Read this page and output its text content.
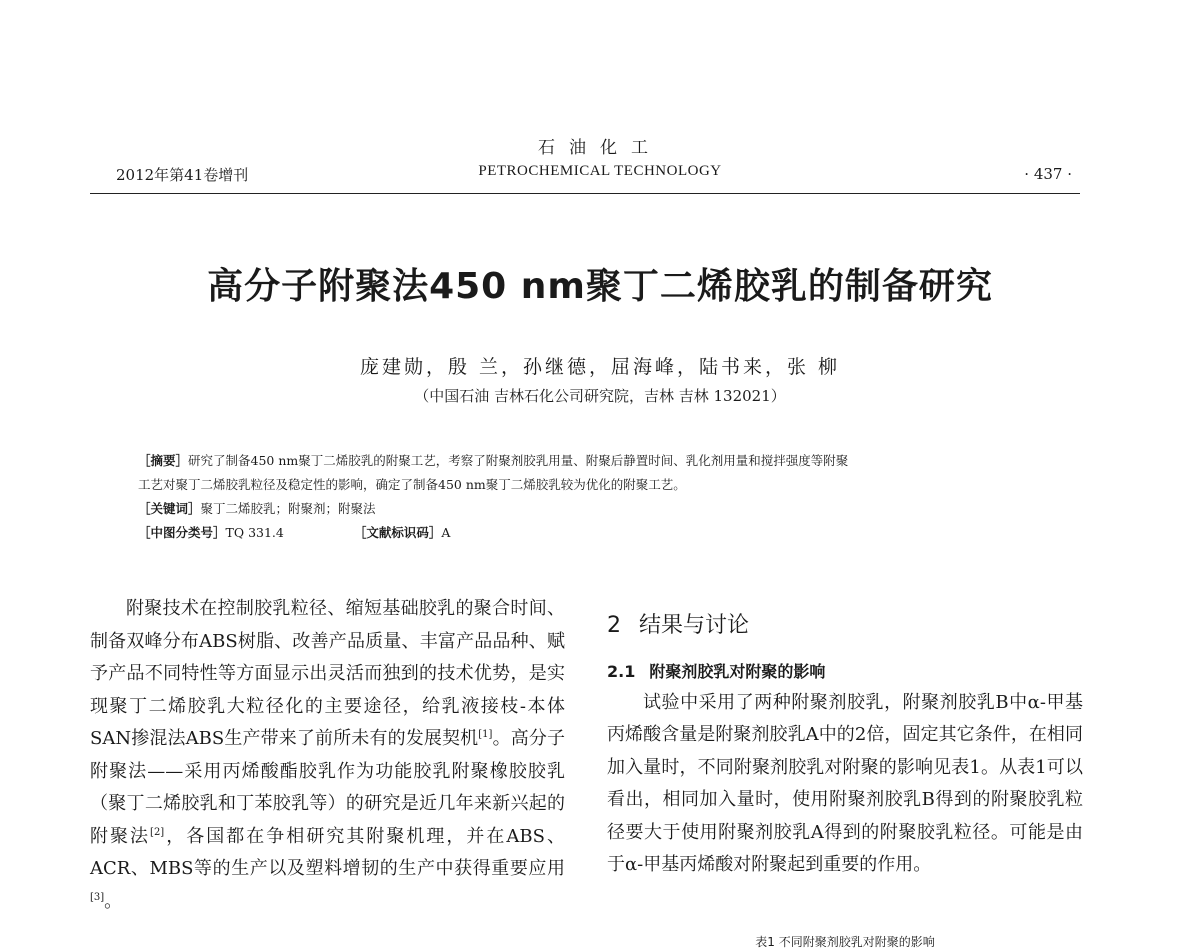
石油化工
2012年第41卷增刊	PETROCHEMICAL TECHNOLOGY	· 437 ·
高分子附聚法450 nm聚丁二烯胶乳的制备研究
庞建勋，殷 兰，孙继德，屈海峰，陆书来，张 柳
（中国石油 吉林石化公司研究院，吉林 吉林 132021）
［摘要］研究了制备450 nm聚丁二烯胶乳的附聚工艺，考察了附聚剂胶乳用量、附聚后静置时间、乳化剂用量和搅拌强度等附聚
工艺对聚丁二烯胶乳粒径及稳定性的影响，确定了制备450 nm聚丁二烯胶乳较为优化的附聚工艺。
［关键词］聚丁二烯胶乳；附聚剂；附聚法
［中图分类号］TQ 331.4	［文献标识码］A

附聚技术在控制胶乳粒径、缩短基础胶乳的聚合时间、制备双峰分布ABS树脂、改善产品质量、丰富产品品种、赋予产品不同特性等方面显示出灵活而独到的技术优势，是实现聚丁二烯胶乳大粒径化的主要途径，给乳液接枝-本体SAN掺混法ABS生产带来了前所未有的发展契机[1]。高分子附聚法——采用丙烯酸酯胶乳作为功能胶乳附聚橡胶胶乳（聚丁二烯胶乳和丁苯胶乳等）的研究是近几年来新兴起的附聚法[2]，各国都在争相研究其附聚机理，并在ABS、ACR、MBS等的生产以及塑料增韧的生产中获得重要应用[3]。

2 结果与讨论
2.1 附聚剂胶乳对附聚的影响

试验中采用了两种附聚剂胶乳，附聚剂胶乳B中α-甲基丙烯酸含量是附聚剂胶乳A中的2倍，固定其它条件，在相同加入量时，不同附聚剂胶乳对附聚的影响见表1。从表1可以看出，相同加入量时，使用附聚剂胶乳B得到的附聚胶乳粒径要大于使用附聚剂胶乳A得到的附聚胶乳粒径。可能是由于α-甲基丙烯酸对附聚起到重要的作用。

表1 不同附聚剂胶乳对附聚的影响
